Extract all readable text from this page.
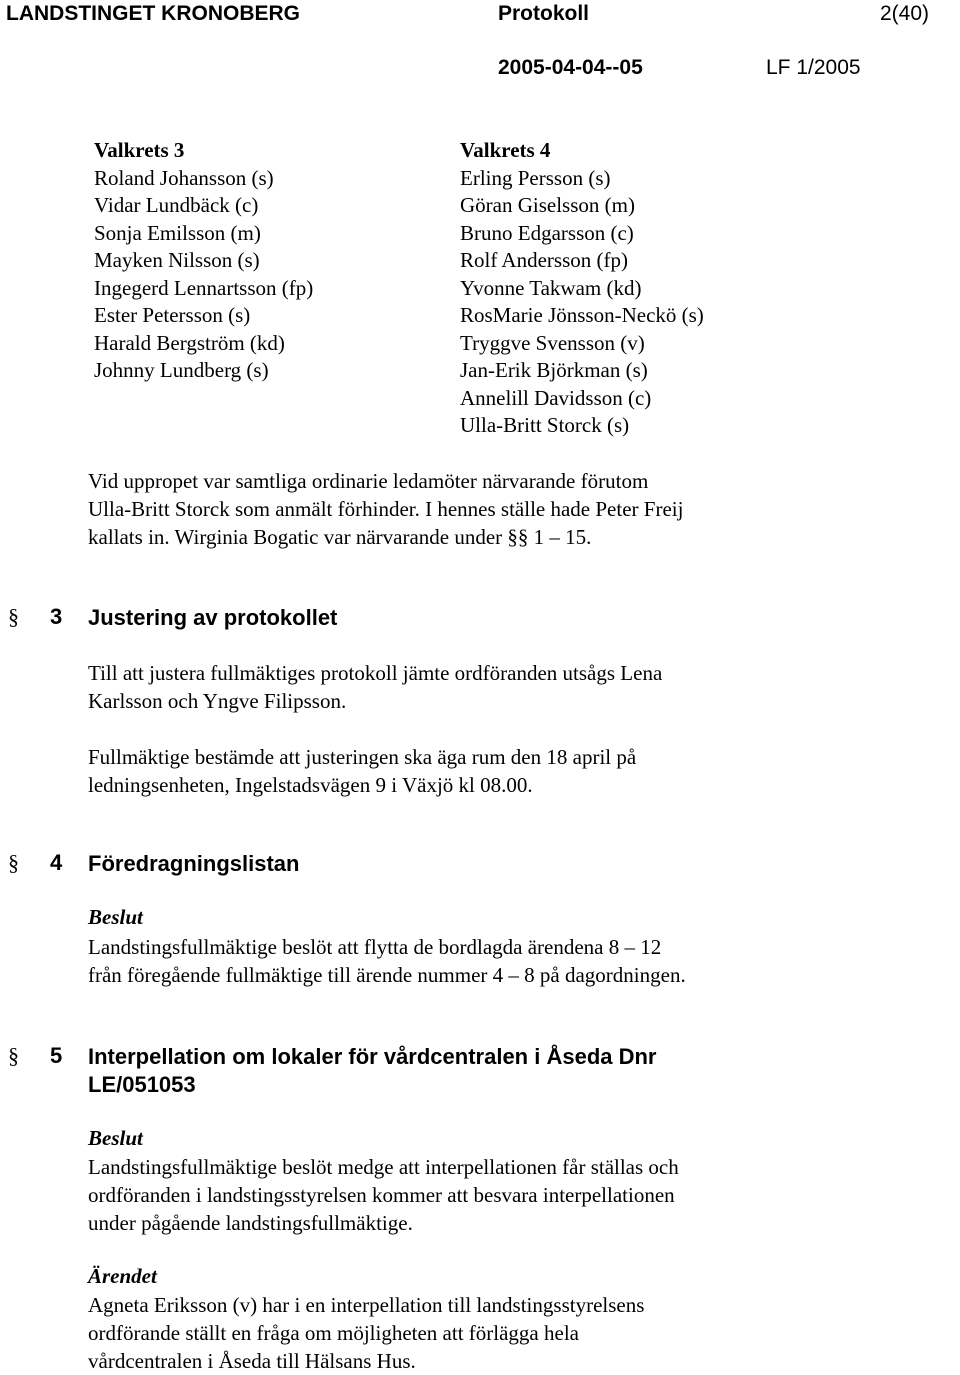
LANDSTINGET KRONOBERG	Protokoll	2(40)
2005-04-04--05	LF 1/2005
Valkrets 3
Roland Johansson (s)
Vidar Lundbäck (c)
Sonja Emilsson (m)
Mayken Nilsson (s)
Ingegerd Lennartsson (fp)
Ester Petersson (s)
Harald Bergström (kd)
Johnny Lundberg (s)
Valkrets 4
Erling Persson (s)
Göran Giselsson (m)
Bruno Edgarsson (c)
Rolf Andersson (fp)
Yvonne Takwam (kd)
RosMarie Jönsson-Neckö (s)
Tryggve Svensson (v)
Jan-Erik Björkman (s)
Annelill Davidsson (c)
Ulla-Britt Storck (s)
Vid uppropet var samtliga ordinarie ledamöter närvarande förutom
Ulla-Britt Storck som anmält förhinder. I hennes ställe hade Peter Freij
kallats in. Wirginia Bogatic var närvarande under §§ 1 – 15.
§ 3 Justering av protokollet
Till att justera fullmäktiges protokoll jämte ordföranden utsågs Lena
Karlsson och Yngve Filipsson.
Fullmäktige bestämde att justeringen ska äga rum den 18 april på
ledningsenheten, Ingelstadsvägen 9 i Växjö kl 08.00.
§ 4 Föredragningslistan
Beslut
Landstingsfullmäktige beslöt att flytta de bordlagda ärendena 8 – 12
från föregående fullmäktige till ärende nummer 4 – 8 på dagordningen.
§ 5 Interpellation om lokaler för vårdcentralen i Åseda Dnr
LE/051053
Beslut
Landstingsfullmäktige beslöt medge att interpellationen får ställas och
ordföranden i landstingsstyrelsen kommer att besvara interpellationen
under pågående landstingsfullmäktige.
Ärendet
Agneta Eriksson (v) har i en interpellation till landstingsstyrelsens
ordförande ställt en fråga om möjligheten att förlägga hela
vårdcentralen i Åseda till Hälsans Hus.
